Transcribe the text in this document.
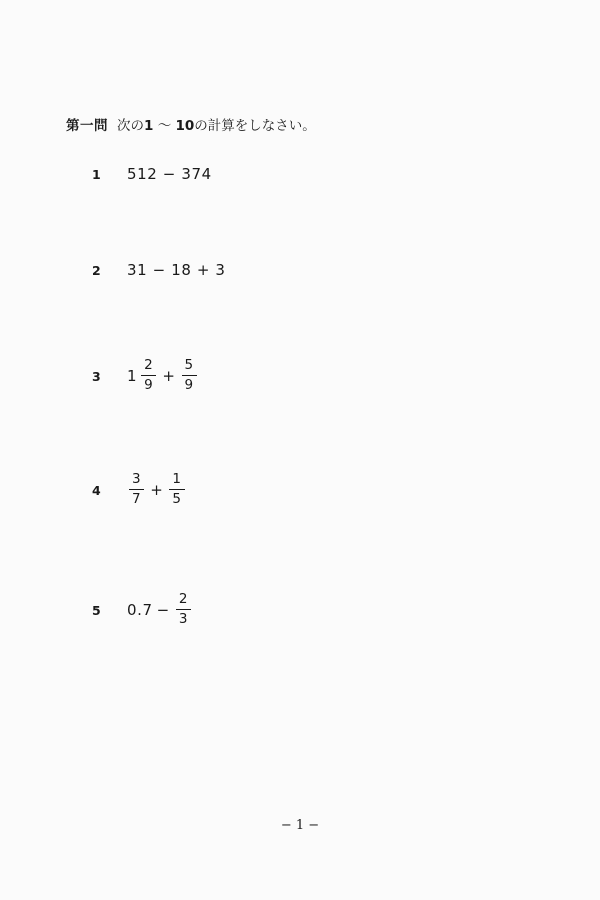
第一問 次の1 ～ 10の計算をしなさい。
1 512 − 374
2 31 − 18 + 3
3 $1 \frac{2}{9} + \frac{5}{9}$
$4 \frac{3}{7} + \frac{1}{5}$
5 $0.7 - \frac{2}{3}$
− 1 −
